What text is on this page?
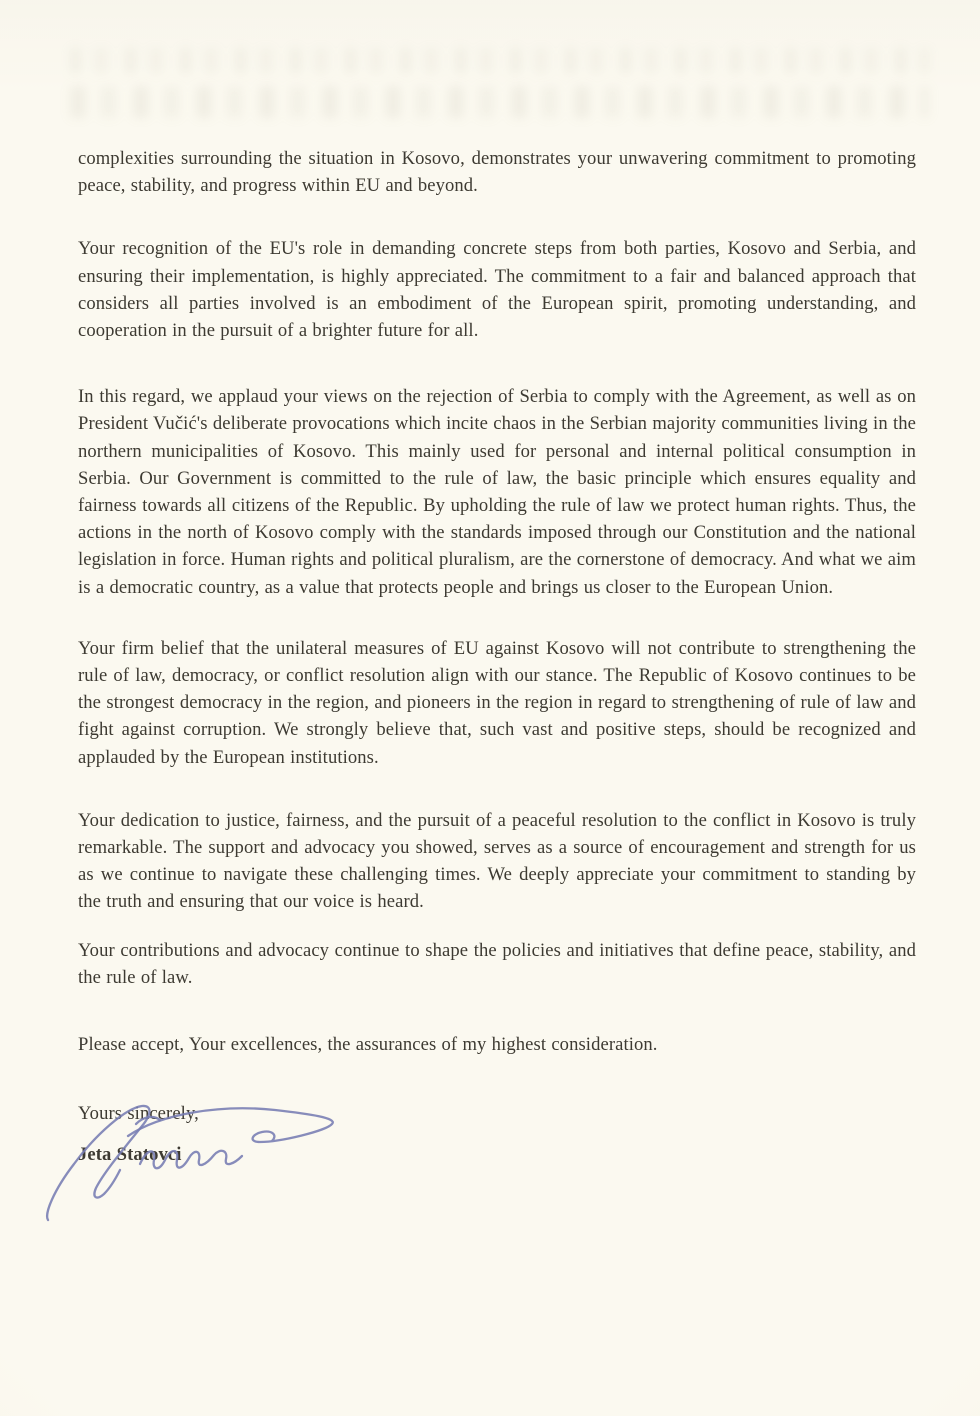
complexities surrounding the situation in Kosovo, demonstrates your unwavering commitment to promoting peace, stability, and progress within EU and beyond.

Your recognition of the EU's role in demanding concrete steps from both parties, Kosovo and Serbia, and ensuring their implementation, is highly appreciated. The commitment to a fair and balanced approach that considers all parties involved is an embodiment of the European spirit, promoting understanding, and cooperation in the pursuit of a brighter future for all.

In this regard, we applaud your views on the rejection of Serbia to comply with the Agreement, as well as on President Vučić's deliberate provocations which incite chaos in the Serbian majority communities living in the northern municipalities of Kosovo. This mainly used for personal and internal political consumption in Serbia. Our Government is committed to the rule of law, the basic principle which ensures equality and fairness towards all citizens of the Republic. By upholding the rule of law we protect human rights. Thus, the actions in the north of Kosovo comply with the standards imposed through our Constitution and the national legislation in force. Human rights and political pluralism, are the cornerstone of democracy. And what we aim is a democratic country, as a value that protects people and brings us closer to the European Union.

Your firm belief that the unilateral measures of EU against Kosovo will not contribute to strengthening the rule of law, democracy, or conflict resolution align with our stance. The Republic of Kosovo continues to be the strongest democracy in the region, and pioneers in the region in regard to strengthening of rule of law and fight against corruption. We strongly believe that, such vast and positive steps, should be recognized and applauded by the European institutions.

Your dedication to justice, fairness, and the pursuit of a peaceful resolution to the conflict in Kosovo is truly remarkable. The support and advocacy you showed, serves as a source of encouragement and strength for us as we continue to navigate these challenging times. We deeply appreciate your commitment to standing by the truth and ensuring that our voice is heard.

Your contributions and advocacy continue to shape the policies and initiatives that define peace, stability, and the rule of law.

Please accept, Your excellences, the assurances of my highest consideration.

Yours sincerely,

Jeta Statovci
